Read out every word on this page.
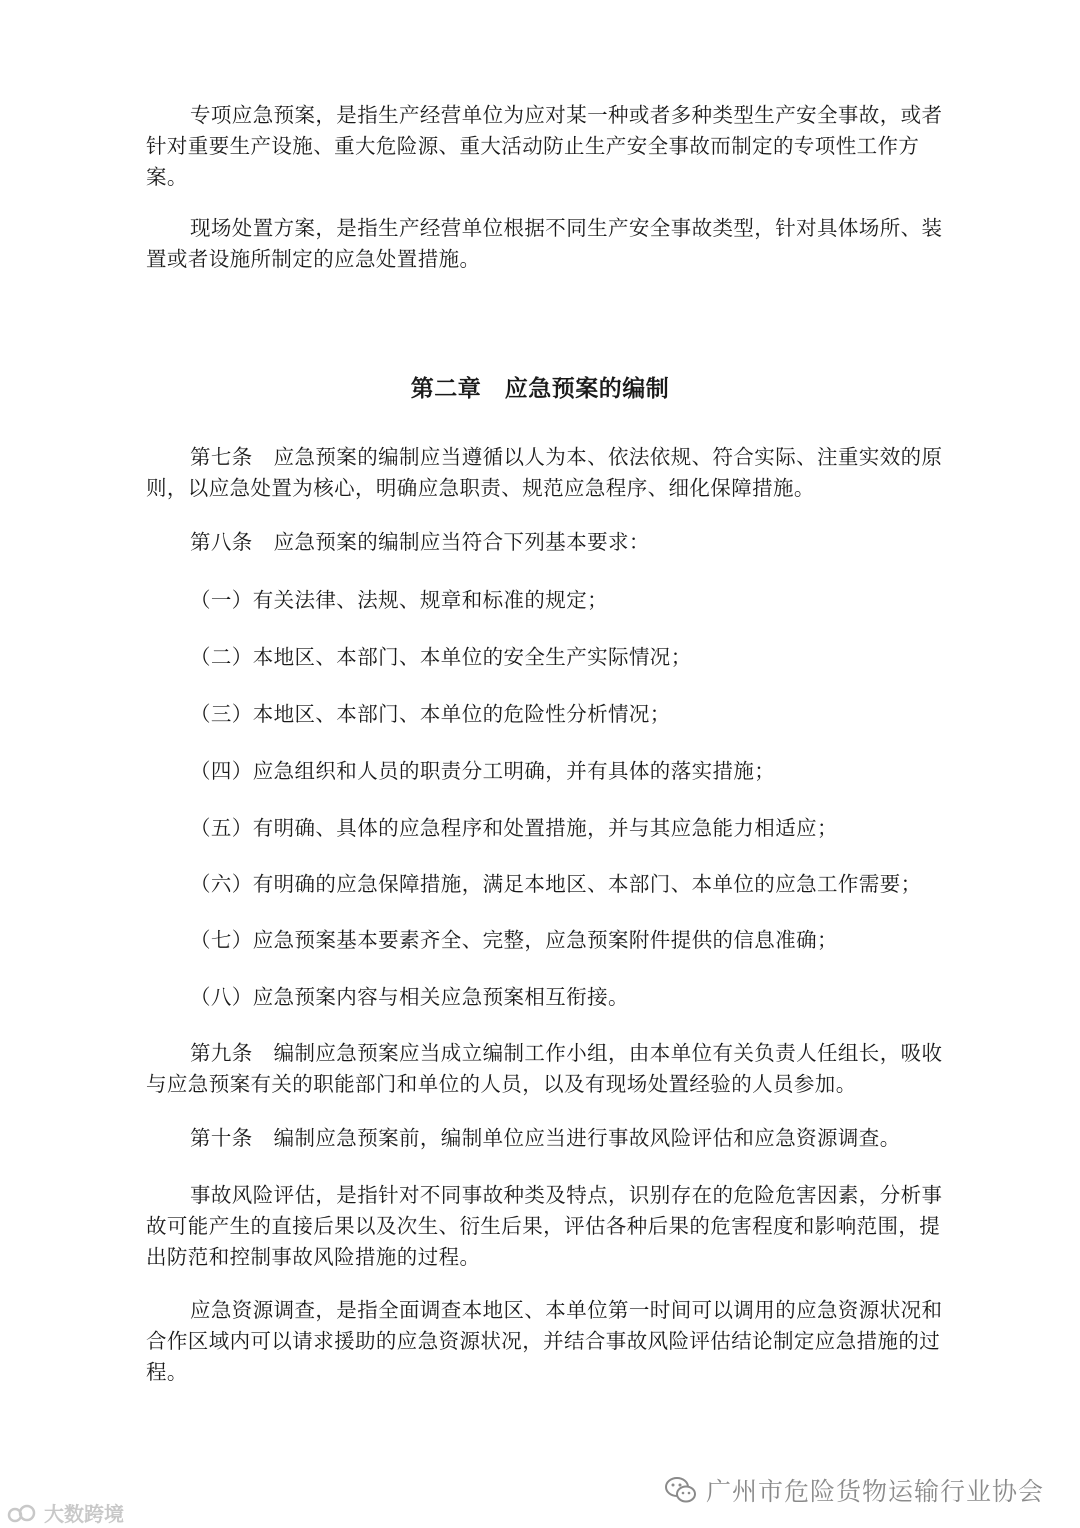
专项应急预案，是指生产经营单位为应对某一种或者多种类型生产安全事故，或者针对重要生产设施、重大危险源、重大活动防止生产安全事故而制定的专项性工作方案。

现场处置方案，是指生产经营单位根据不同生产安全事故类型，针对具体场所、装置或者设施所制定的应急处置措施。

第二章　应急预案的编制

第七条　应急预案的编制应当遵循以人为本、依法依规、符合实际、注重实效的原则，以应急处置为核心，明确应急职责、规范应急程序、细化保障措施。

第八条　应急预案的编制应当符合下列基本要求：

（一）有关法律、法规、规章和标准的规定；

（二）本地区、本部门、本单位的安全生产实际情况；

（三）本地区、本部门、本单位的危险性分析情况；

（四）应急组织和人员的职责分工明确，并有具体的落实措施；

（五）有明确、具体的应急程序和处置措施，并与其应急能力相适应；

（六）有明确的应急保障措施，满足本地区、本部门、本单位的应急工作需要；

（七）应急预案基本要素齐全、完整，应急预案附件提供的信息准确；

（八）应急预案内容与相关应急预案相互衔接。

第九条　编制应急预案应当成立编制工作小组，由本单位有关负责人任组长，吸收与应急预案有关的职能部门和单位的人员，以及有现场处置经验的人员参加。

第十条　编制应急预案前，编制单位应当进行事故风险评估和应急资源调查。

事故风险评估，是指针对不同事故种类及特点，识别存在的危险危害因素，分析事故可能产生的直接后果以及次生、衍生后果，评估各种后果的危害程度和影响范围，提出防范和控制事故风险措施的过程。

应急资源调查，是指全面调查本地区、本单位第一时间可以调用的应急资源状况和合作区域内可以请求援助的应急资源状况，并结合事故风险评估结论制定应急措施的过程。

大数跨境
广州市危险货物运输行业协会
